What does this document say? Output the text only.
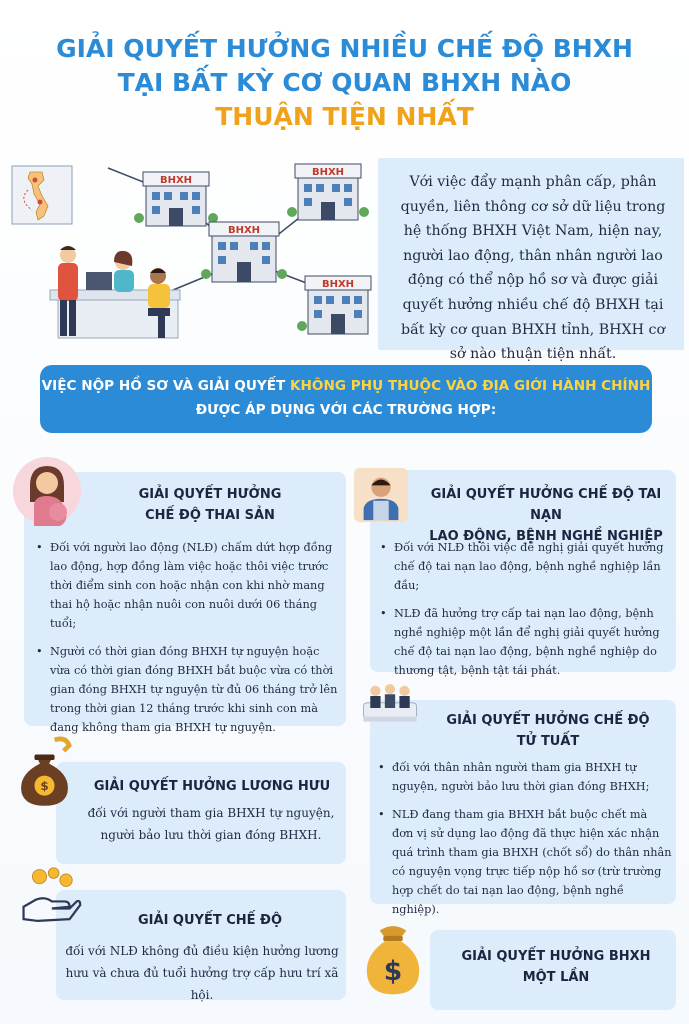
GIẢI QUYẾT HƯỞNG NHIỀU CHẾ ĐỘ BHXH
TẠI BẤT KỲ CƠ QUAN BHXH NÀO
THUẬN TIỆN NHẤT
BHXH
BHXH
BHXH
BHXH
Với việc đẩy mạnh phân cấp, phân quyền, liên thông cơ sở dữ liệu trong hệ thống BHXH Việt Nam, hiện nay, người lao động, thân nhân người lao động có thể nộp hồ sơ và được giải quyết hưởng nhiều chế độ BHXH tại bất kỳ cơ quan BHXH tỉnh, BHXH cơ sở nào thuận tiện nhất.
VIỆC NỘP HỒ SƠ VÀ GIẢI QUYẾT KHÔNG PHỤ THUỘC VÀO ĐỊA GIỚI HÀNH CHÍNH
ĐƯỢC ÁP DỤNG VỚI CÁC TRƯỜNG HỢP:
GIẢI QUYẾT HƯỞNG
CHẾ ĐỘ THAI SẢN
• Đối với người lao động (NLĐ) chấm dứt hợp đồng lao động, hợp đồng làm việc hoặc thôi việc trước thời điểm sinh con hoặc nhận con khi nhờ mang thai hộ hoặc nhận nuôi con nuôi dưới 06 tháng tuổi;
• Người có thời gian đóng BHXH tự nguyện hoặc vừa có thời gian đóng BHXH bắt buộc vừa có thời gian đóng BHXH tự nguyện từ đủ 06 tháng trở lên trong thời gian 12 tháng trước khi sinh con mà đang không tham gia BHXH tự nguyện.
GIẢI QUYẾT HƯỞNG CHẾ ĐỘ TAI NẠN
LAO ĐỘNG, BỆNH NGHỀ NGHIỆP
• Đối với NLĐ thôi việc đề nghị giải quyết hưởng chế độ tai nạn lao động, bệnh nghề nghiệp lần đầu;
• NLĐ đã hưởng trợ cấp tai nạn lao động, bệnh nghề nghiệp một lần để nghị giải quyết hưởng chế độ tai nạn lao động, bệnh nghề nghiệp do thương tật, bệnh tật tái phát.
GIẢI QUYẾT HƯỞNG CHẾ ĐỘ
TỬ TUẤT
• đối với thân nhân người tham gia BHXH tự nguyện, người bảo lưu thời gian đóng BHXH;
• NLĐ đang tham gia BHXH bắt buộc chết mà đơn vị sử dụng lao động đã thực hiện xác nhận quá trình tham gia BHXH (chốt sổ) do thân nhân có nguyện vọng trực tiếp nộp hồ sơ (trừ trường hợp chết do tai nạn lao động, bệnh nghề nghiệp).
$	GIẢI QUYẾT HƯỞNG LƯƠNG HƯU
đối với người tham gia BHXH tự nguyện,
người bảo lưu thời gian đóng BHXH.
GIẢI QUYẾT CHẾ ĐỘ
đối với NLĐ không đủ điều kiện hưởng lương
hưu và chưa đủ tuổi hưởng trợ cấp hưu trí xã hội.
$	GIẢI QUYẾT HƯỞNG BHXH
MỘT LẦN
